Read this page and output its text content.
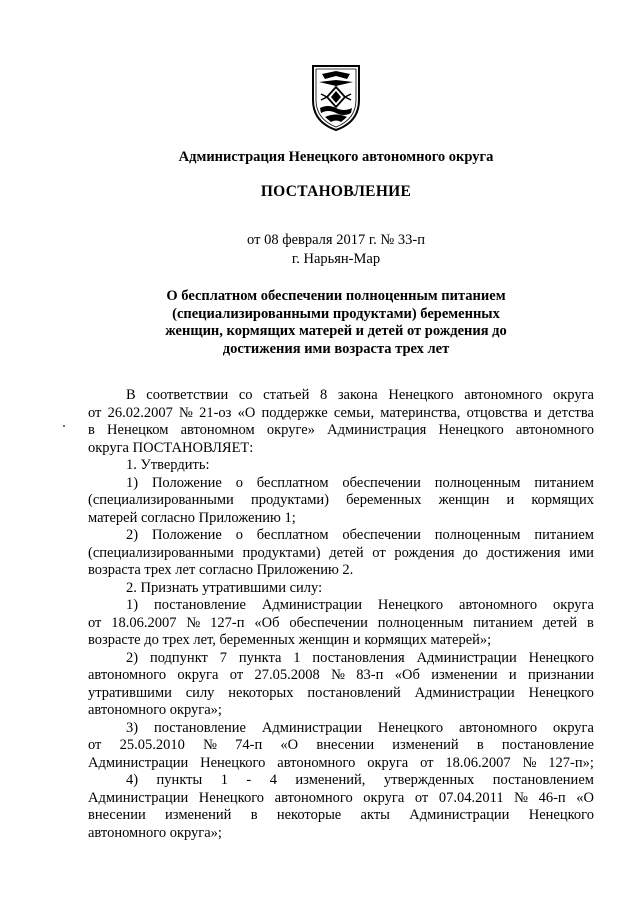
Администрация Ненецкого автономного округа
ПОСТАНОВЛЕНИЕ
от 08 февраля 2017 г. № 33-п
г. Нарьян-Мар
О бесплатном обеспечении полноценным питанием
(специализированными продуктами) беременных
женщин, кормящих матерей и детей от рождения до
достижения ими возраста трех лет
В соответствии со статьей 8 закона Ненецкого автономного округа
от 26.02.2007 № 21-оз «О поддержке семьи, материнства, отцовства и детства
в Ненецком автономном округе» Администрация Ненецкого автономного
округа ПОСТАНОВЛЯЕТ:
1. Утвердить:
1) Положение о бесплатном обеспечении полноценным питанием
(специализированными продуктами) беременных женщин и кормящих
матерей согласно Приложению 1;
2) Положение о бесплатном обеспечении полноценным питанием
(специализированными продуктами) детей от рождения до достижения ими
возраста трех лет согласно Приложению 2.
2. Признать утратившими силу:
1) постановление Администрации Ненецкого автономного округа
от 18.06.2007 № 127-п «Об обеспечении полноценным питанием детей в
возрасте до трех лет, беременных женщин и кормящих матерей»;
2) подпункт 7 пункта 1 постановления Администрации Ненецкого
автономного округа от 27.05.2008 № 83-п «Об изменении и признании
утратившими силу некоторых постановлений Администрации Ненецкого
автономного округа»;
3) постановление Администрации Ненецкого автономного округа
от 25.05.2010 № 74-п «О внесении изменений в постановление
Администрации Ненецкого автономного округа от 18.06.2007 № 127-п»;
4) пункты 1 - 4 изменений, утвержденных постановлением
Администрации Ненецкого автономного округа от 07.04.2011 № 46-п «О
внесении изменений в некоторые акты Администрации Ненецкого
автономного округа»;
